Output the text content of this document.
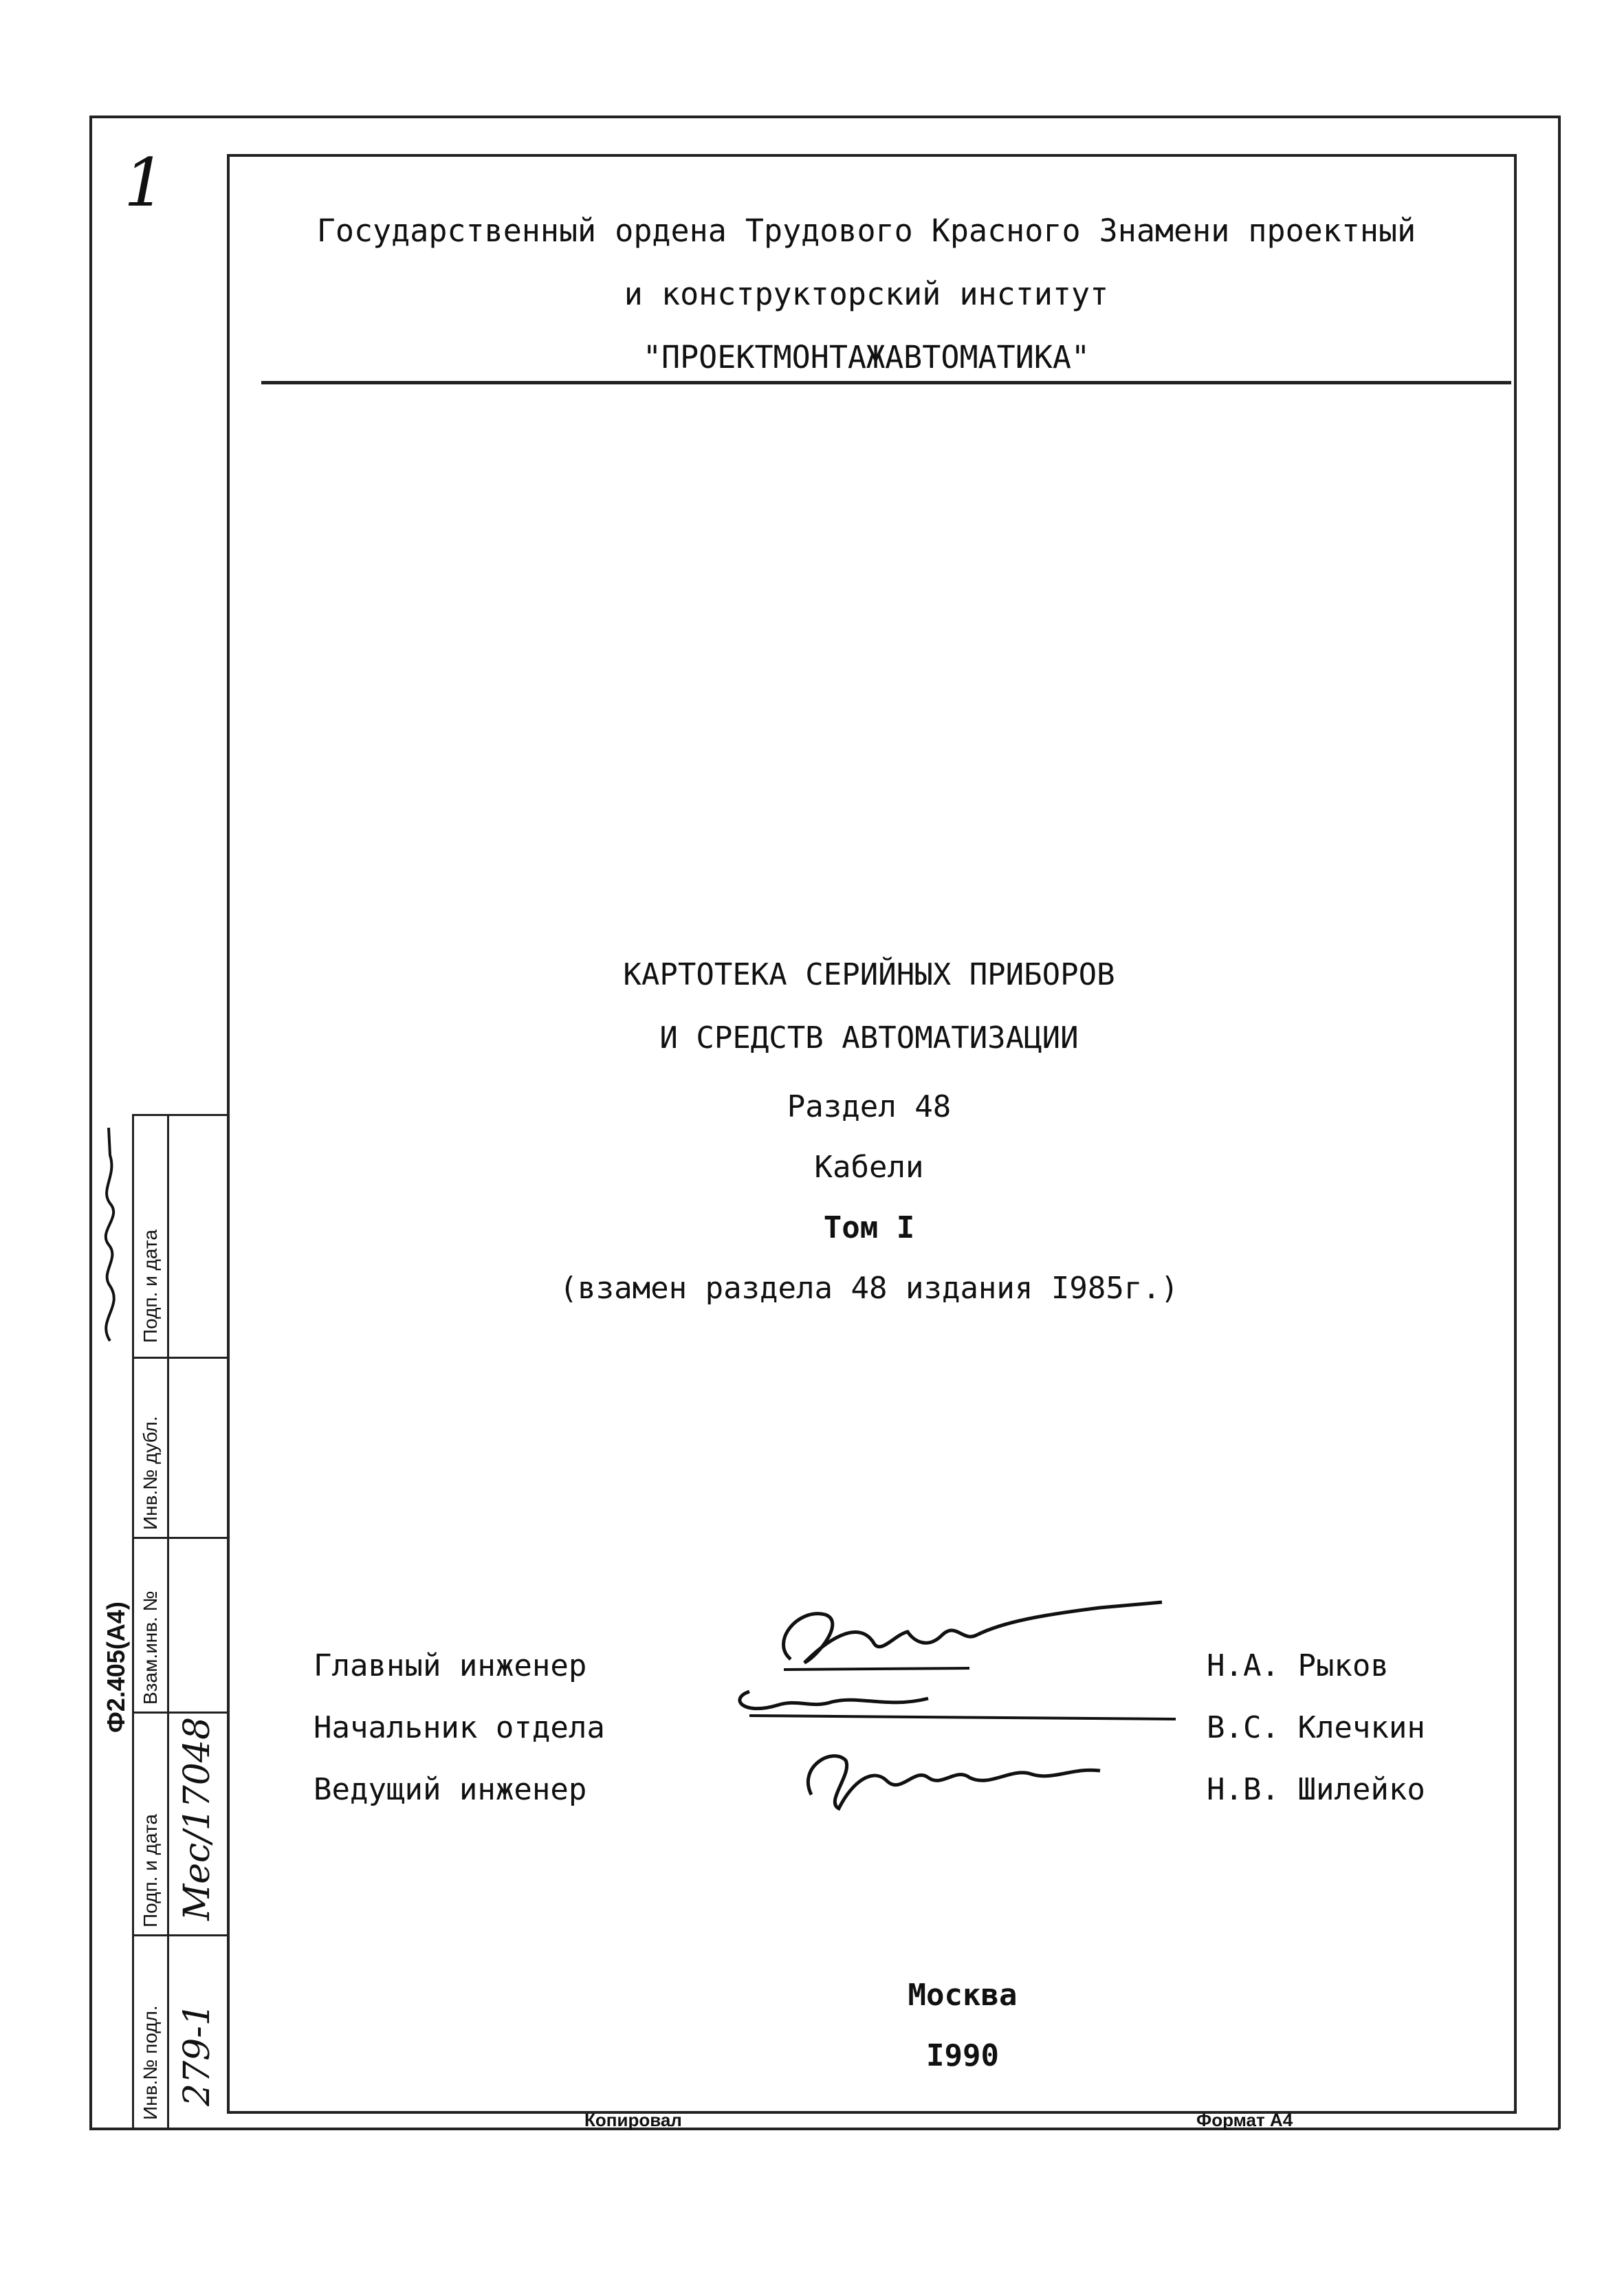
1
Государственный ордена Трудового Красного Знамени проектный
и конструкторский институт
"ПРОЕКТМОНТАЖАВТОМАТИКА"
КАРТОТЕКА СЕРИЙНЫХ ПРИБОРОВ
И СРЕДСТВ АВТОМАТИЗАЦИИ
Раздел 48
Кабели
Том I
(взамен раздела 48 издания I985г.)
Главный инженер
Начальник отдела
Ведущий инженер
Н.А. Рыков
В.С. Клечкин
Н.В. Шилейко
Москва
I990
Копировал	Формат А4
Инв.№ подл.
Подп. и дата
Взам.инв. №
Инв.№ дубл.
Подп. и дата
279-1
Мес/17048
Ф2.405(А4)
